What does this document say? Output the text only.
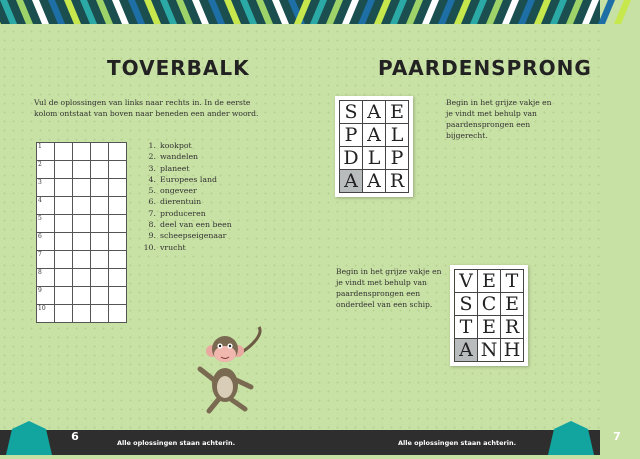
TOVERBALK
Vul de oplossingen van links naar rechts in. In de eerste kolom ontstaat van boven naar beneden een ander woord.
1				

2				

3				

4				

5				

6				

7				

8				

9				

10				

1. kookpot
2. wandelen
3. planeet
4. Europees land
5. ongeveer
6. dierentuin
7. produceren
8. deel van een been
9. scheepseigenaar
10. vrucht
PAARDENSPRONG
S	A	E
P	A	L
D	L	P
A	A	R
Begin in het grijze vakje en je vindt met behulp van paardensprongen een bijgerecht.
Begin in het grijze vakje en je vindt met behulp van paardensprongen een onderdeel van een schip.
V	E	T
S	C	E
T	E	R
A	N	H
Alle oplossingen staan achterin.	Alle oplossingen staan achterin.
6	7
